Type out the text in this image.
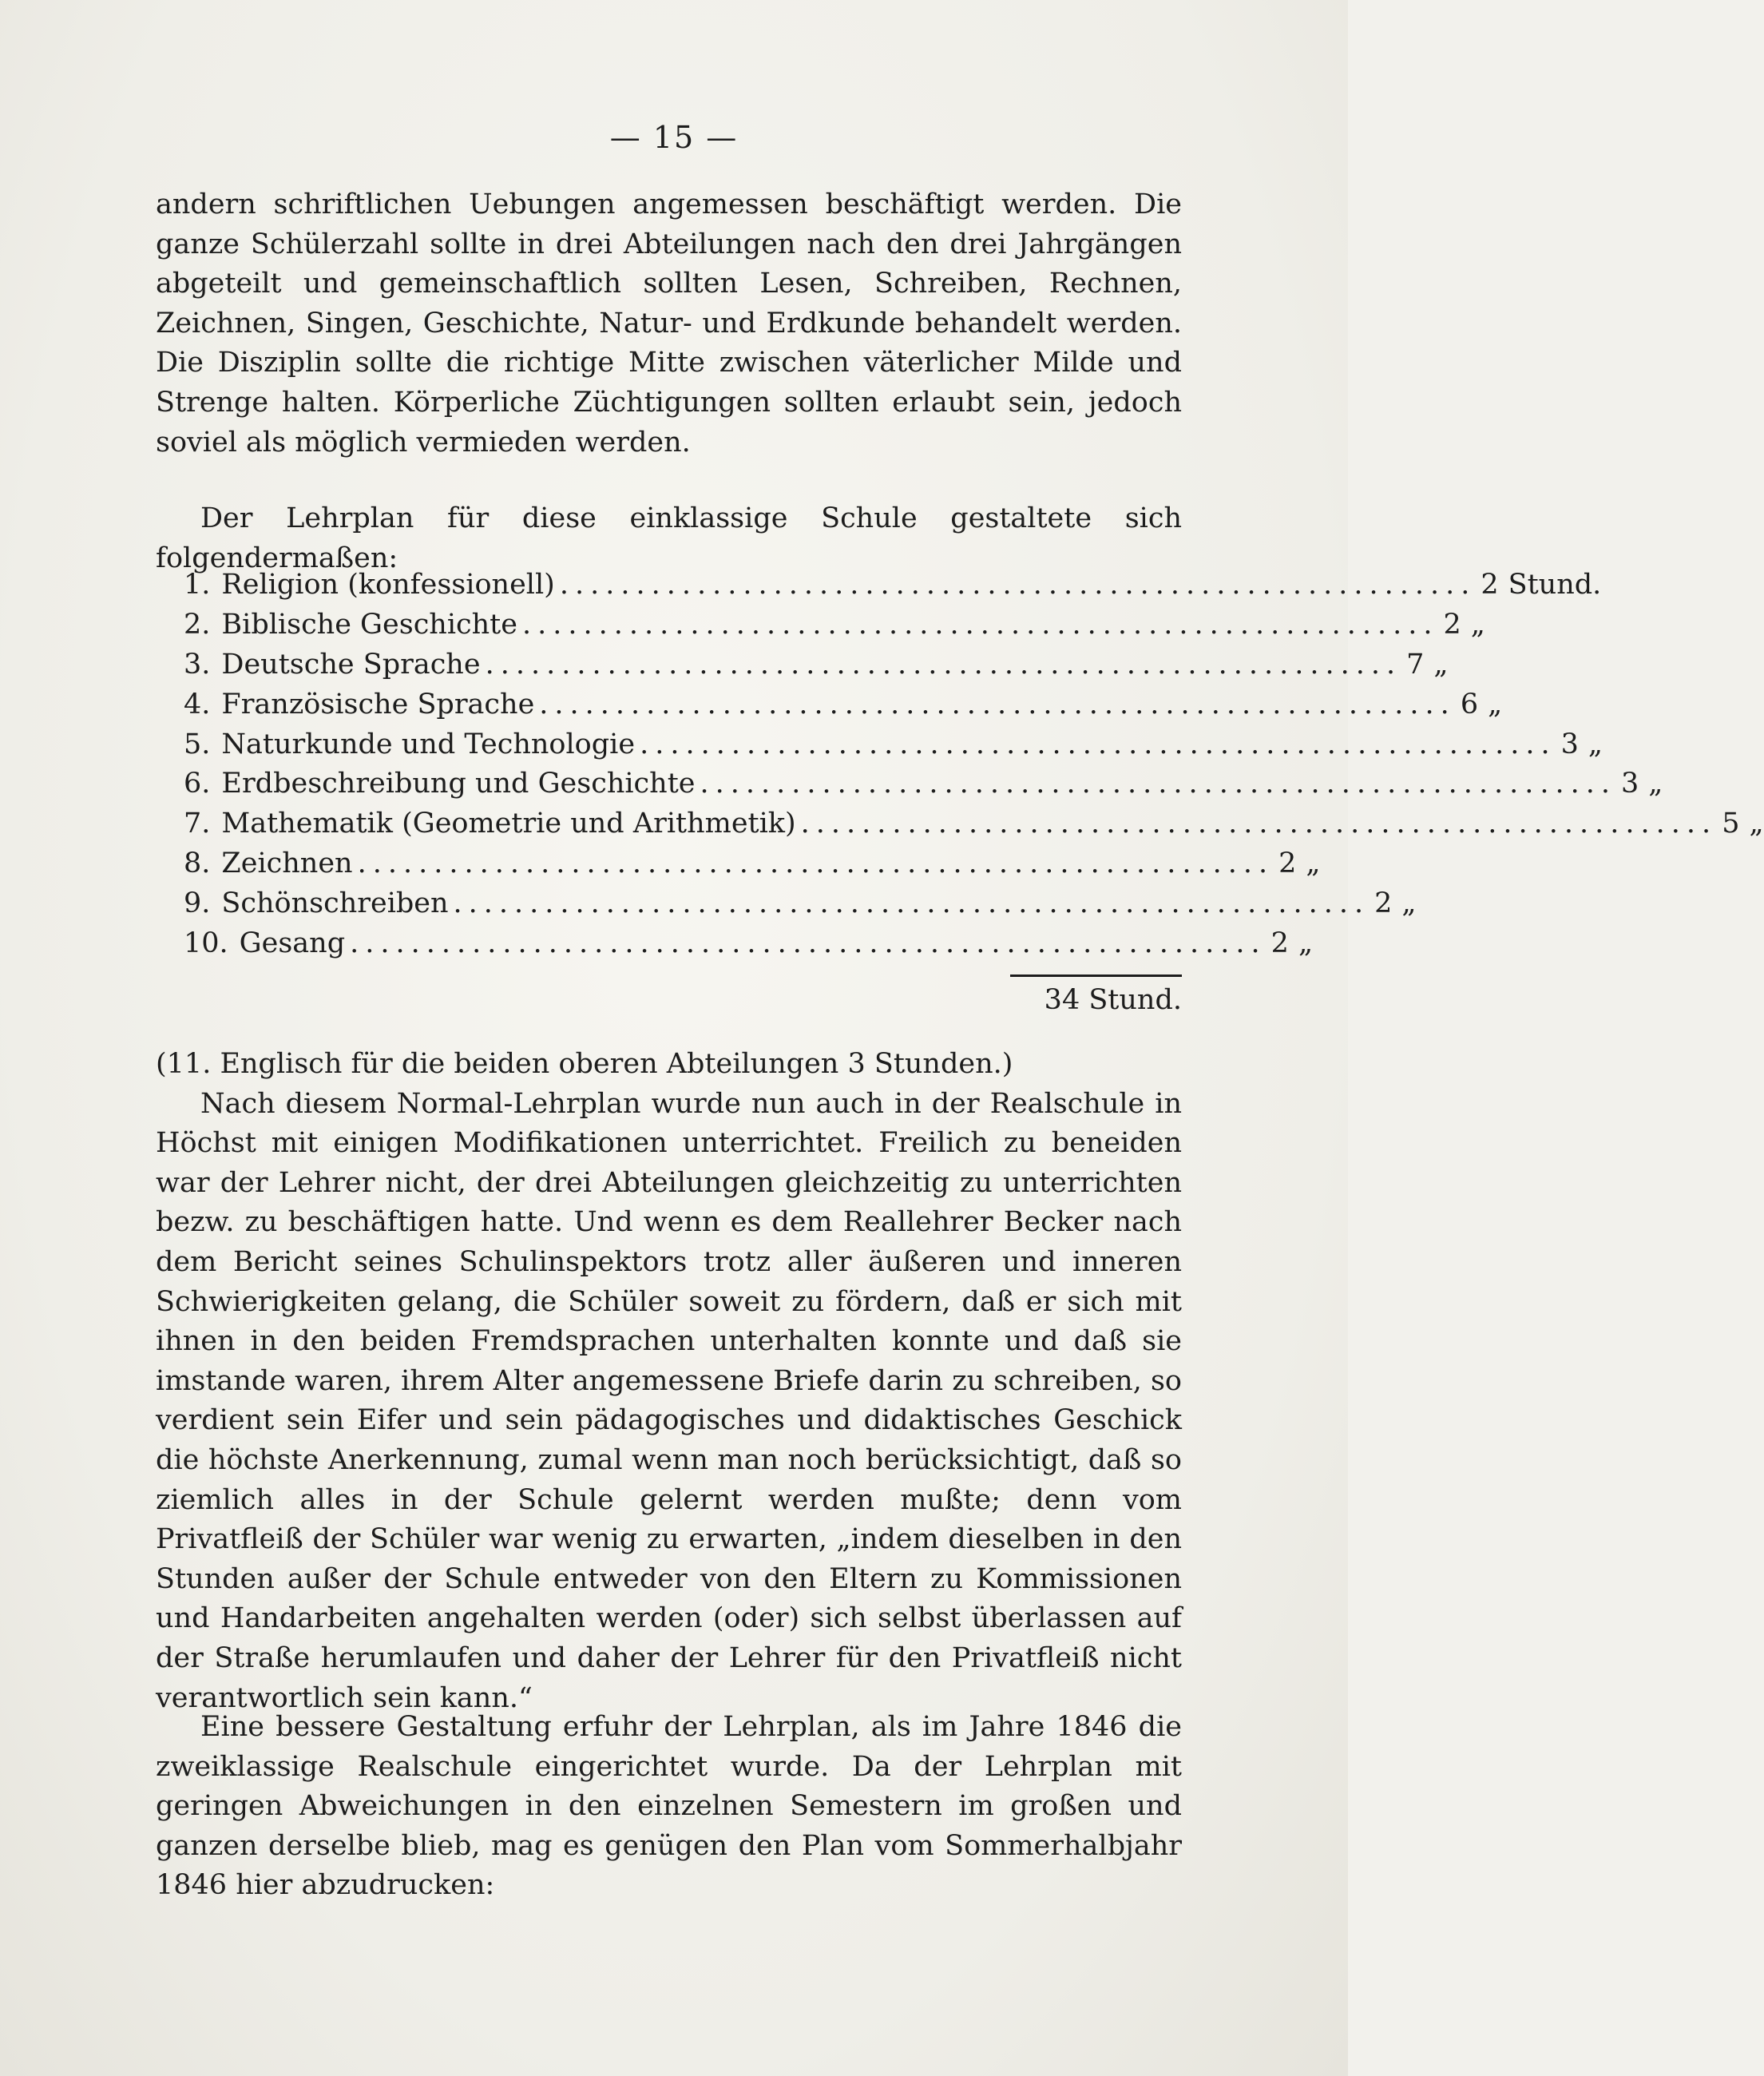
— 15 —
andern schriftlichen Uebungen angemessen beschäftigt werden. Die ganze Schülerzahl sollte in drei Abteilungen nach den drei Jahrgängen abgeteilt und gemeinschaftlich sollten Lesen, Schreiben, Rechnen, Zeichnen, Singen, Geschichte, Natur- und Erdkunde behandelt werden. Die Disziplin sollte die richtige Mitte zwischen väterlicher Milde und Strenge halten. Körperliche Züchtigungen sollten erlaubt sein, jedoch soviel als möglich vermieden werden.
Der Lehrplan für diese einklassige Schule gestaltete sich folgendermaßen:
1. Religion (konfessionell) ............................................................ 2 Stund.
2. Biblische Geschichte ............................................................ 2 „
3. Deutsche Sprache ............................................................ 7 „
4. Französische Sprache ............................................................ 6 „
5. Naturkunde und Technologie ............................................................ 3 „
6. Erdbeschreibung und Geschichte ............................................................ 3 „
7. Mathematik (Geometrie und Arithmetik) ............................................................ 5 „
8. Zeichnen ............................................................ 2 „
9. Schönschreiben ............................................................ 2 „
10. Gesang ............................................................ 2 „
34 Stund.

(11. Englisch für die beiden oberen Abteilungen 3 Stunden.)

Nach diesem Normal-Lehrplan wurde nun auch in der Realschule in Höchst mit einigen Modifikationen unterrichtet. Freilich zu beneiden war der Lehrer nicht, der drei Abteilungen gleichzeitig zu unterrichten bezw. zu beschäftigen hatte. Und wenn es dem Reallehrer Becker nach dem Bericht seines Schulinspektors trotz aller äußeren und inneren Schwierigkeiten gelang, die Schüler soweit zu fördern, daß er sich mit ihnen in den beiden Fremdsprachen unterhalten konnte und daß sie imstande waren, ihrem Alter angemessene Briefe darin zu schreiben, so verdient sein Eifer und sein pädagogisches und didaktisches Geschick die höchste Anerkennung, zumal wenn man noch berücksichtigt, daß so ziemlich alles in der Schule gelernt werden mußte; denn vom Privatfleiß der Schüler war wenig zu erwarten, „indem dieselben in den Stunden außer der Schule entweder von den Eltern zu Kommissionen und Handarbeiten angehalten werden (oder) sich selbst überlassen auf der Straße herumlaufen und daher der Lehrer für den Privatfleiß nicht verantwortlich sein kann.“

Eine bessere Gestaltung erfuhr der Lehrplan, als im Jahre 1846 die zweiklassige Realschule eingerichtet wurde. Da der Lehrplan mit geringen Abweichungen in den einzelnen Semestern im großen und ganzen derselbe blieb, mag es genügen den Plan vom Sommerhalbjahr 1846 hier abzudrucken:
